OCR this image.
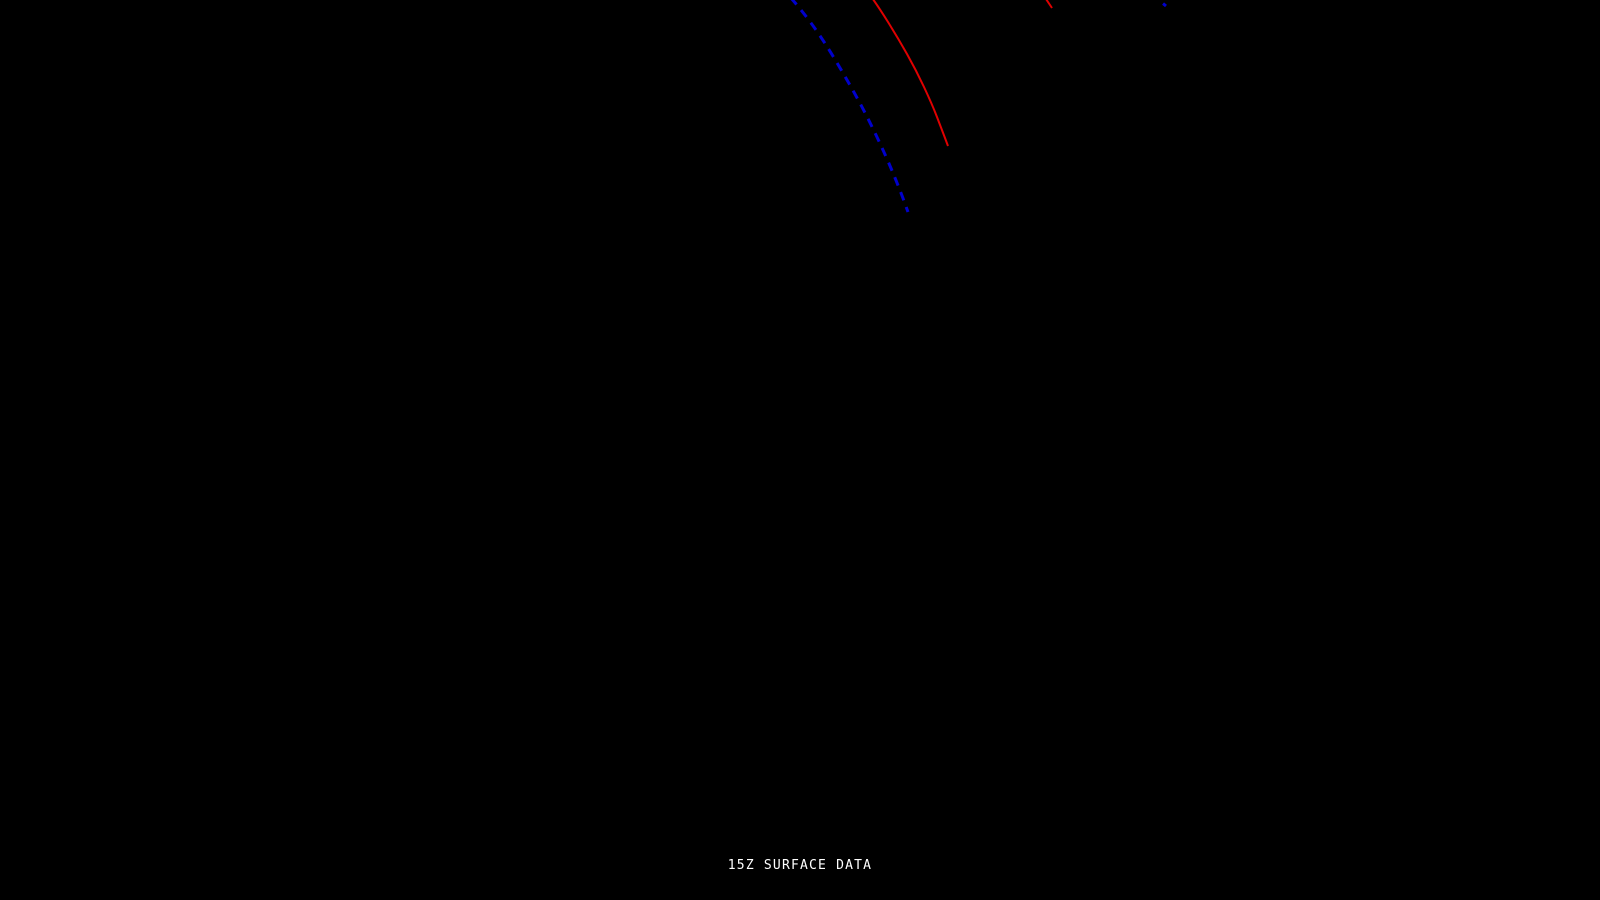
15Z SURFACE DATA
